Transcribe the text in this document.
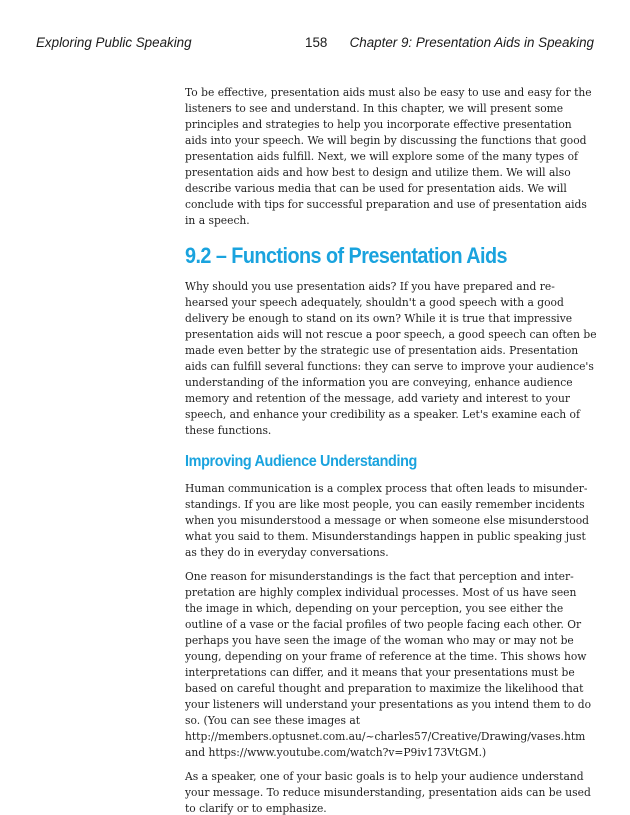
Exploring Public Speaking	158 Chapter 9: Presentation Aids in Speaking

To be effective, presentation aids must also be easy to use and easy for the listeners to see and understand. In this chapter, we will present some principles and strategies to help you incorporate effective presentation aids into your speech. We will begin by discussing the functions that good presentation aids fulfill. Next, we will explore some of the many types of presentation aids and how best to design and utilize them. We will also describe various media that can be used for presentation aids. We will conclude with tips for successful preparation and use of presentation aids in a speech.

9.2 – Functions of Presentation Aids

Why should you use presentation aids? If you have prepared and re-hearsed your speech adequately, shouldn't a good speech with a good delivery be enough to stand on its own? While it is true that impressive presentation aids will not rescue a poor speech, a good speech can often be made even better by the strategic use of presentation aids. Presentation aids can fulfill several functions: they can serve to improve your audience's understanding of the information you are conveying, enhance audience memory and retention of the message, add variety and interest to your speech, and enhance your credibility as a speaker. Let's examine each of these functions.

Improving Audience Understanding

Human communication is a complex process that often leads to misunder-standings. If you are like most people, you can easily remember incidents when you misunderstood a message or when someone else misunderstood what you said to them. Misunderstandings happen in public speaking just as they do in everyday conversations.

One reason for misunderstandings is the fact that perception and inter-pretation are highly complex individual processes. Most of us have seen the image in which, depending on your perception, you see either the outline of a vase or the facial profiles of two people facing each other. Or perhaps you have seen the image of the woman who may or may not be young, depending on your frame of reference at the time. This shows how interpretations can differ, and it means that your presentations must be based on careful thought and preparation to maximize the likelihood that your listeners will understand your presentations as you intend them to do so. (You can see these images at http://members.optusnet.com.au/~charles57/Creative/Drawing/vases.htm and https://www.youtube.com/watch?v=P9iv173VtGM.)

As a speaker, one of your basic goals is to help your audience understand your message. To reduce misunderstanding, presentation aids can be used to clarify or to emphasize.
